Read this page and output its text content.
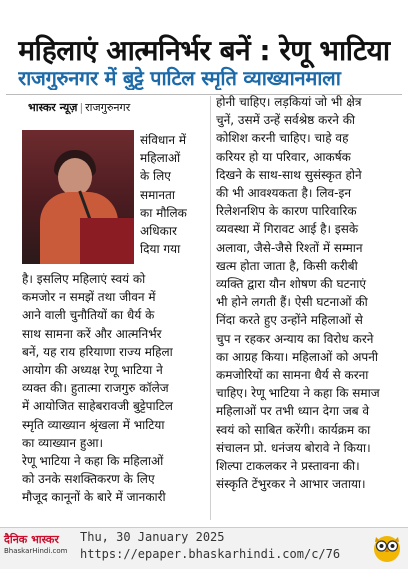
महिलाएं आत्मनिर्भर बनें : रेणू भाटिया
राजगुरुनगर में बुट्टे पाटिल स्मृति व्याख्यानमाला
भास्कर न्यूज़ | राजगुरुनगर
संविधान में
महिलाओं
के लिए
समानता
का मौलिक
अधिकार
दिया गया
है। इसलिए महिलाएं स्वयं को
कमजोर न समझें तथा जीवन में
आने वाली चुनौतियों का धैर्य के
साथ सामना करें और आत्मनिर्भर
बनें, यह राय हरियाणा राज्य महिला
आयोग की अध्यक्ष रेणू भाटिया ने
व्यक्त की। हुतात्मा राजगुरु कॉलेज
में आयोजित साहेबरावजी बुट्टेपाटिल
स्मृति व्याख्यान श्रृंखला में भाटिया
का व्याख्यान हुआ।
रेणू भाटिया ने कहा कि महिलाओं
को उनके सशक्तिकरण के लिए
मौजूद कानूनों के बारे में जानकारी
होनी चाहिए। लड़कियां जो भी क्षेत्र
चुनें, उसमें उन्हें सर्वश्रेष्ठ करने की
कोशिश करनी चाहिए। चाहे वह
करियर हो या परिवार, आकर्षक
दिखने के साथ-साथ सुसंस्कृत होने
की भी आवश्यकता है। लिव-इन
रिलेशनशिप के कारण पारिवारिक
व्यवस्था में गिरावट आई है। इसके
अलावा, जैसे-जैसे रिश्तों में सम्मान
खत्म होता जाता है, किसी करीबी
व्यक्ति द्वारा यौन शोषण की घटनाएं
भी होने लगती हैं। ऐसी घटनाओं की
निंदा करते हुए उन्होंने महिलाओं से
चुप न रहकर अन्याय का विरोध करने
का आग्रह किया। महिलाओं को अपनी
कमजोरियों का सामना धैर्य से करना
चाहिए। रेणू भाटिया ने कहा कि समाज
महिलाओं पर तभी ध्यान देगा जब वे
स्वयं को साबित करेंगी। कार्यक्रम का
संचालन प्रो. धनंजय बोरावे ने किया।
शिल्पा टाकलकर ने प्रस्तावना की।
संस्कृति टेंभुरकर ने आभार जताया।
दैनिक भास्कर
BhaskarHindi.com
Thu, 30 January 2025
https://epaper.bhaskarhindi.com/c/76
